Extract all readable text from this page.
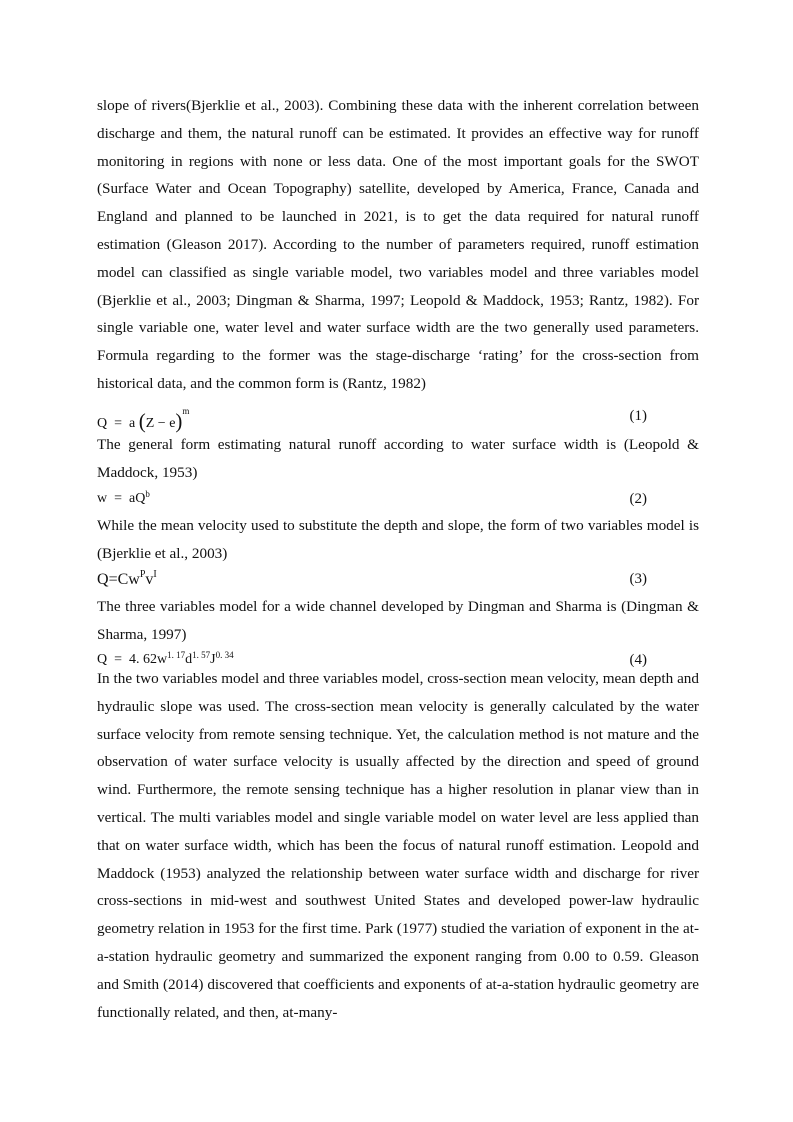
slope of rivers(Bjerklie et al., 2003). Combining these data with the inherent correlation between discharge and them, the natural runoff can be estimated. It provides an effective way for runoff monitoring in regions with none or less data. One of the most important goals for the SWOT (Surface Water and Ocean Topography) satellite, developed by America, France, Canada and England and planned to be launched in 2021, is to get the data required for natural runoff estimation (Gleason 2017). According to the number of parameters required, runoff estimation model can classified as single variable model, two variables model and three variables model (Bjerklie et al., 2003; Dingman & Sharma, 1997; Leopold & Maddock, 1953; Rantz, 1982). For single variable one, water level and water surface width are the two generally used parameters. Formula regarding to the former was the stage-discharge ‘rating’ for the cross-section from historical data, and the common form is (Rantz, 1982)

Q = a $(Z - e)^m$	(1)

The general form estimating natural runoff according to water surface width is (Leopold & Maddock, 1953)

$w = aQ^b$	(2)

While the mean velocity used to substitute the depth and slope, the form of two variables model is (Bjerklie et al., 2003)

$Q=Cw^Pv^I$	(3)

The three variables model for a wide channel developed by Dingman and Sharma is (Dingman & Sharma, 1997)

Q = 4. $62w^{1. 17}d^{1. 57}J^{0. 34}$	(4)

In the two variables model and three variables model, cross-section mean velocity, mean depth and hydraulic slope was used. The cross-section mean velocity is generally calculated by the water surface velocity from remote sensing technique. Yet, the calculation method is not mature and the observation of water surface velocity is usually affected by the direction and speed of ground wind. Furthermore, the remote sensing technique has a higher resolution in planar view than in vertical. The multi variables model and single variable model on water level are less applied than that on water surface width, which has been the focus of natural runoff estimation. Leopold and Maddock (1953) analyzed the relationship between water surface width and discharge for river cross-sections in mid-west and southwest United States and developed power-law hydraulic geometry relation in 1953 for the first time. Park (1977) studied the variation of exponent in the at-a-station hydraulic geometry and summarized the exponent ranging from 0.00 to 0.59. Gleason and Smith (2014) discovered that coefficients and exponents of at-a-station hydraulic geometry are functionally related, and then, at-many-
